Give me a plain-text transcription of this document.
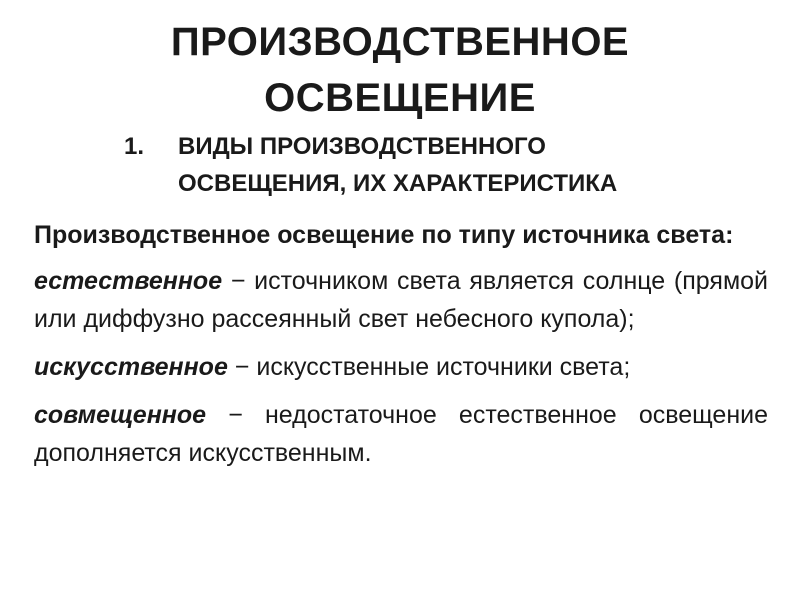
ПРОИЗВОДСТВЕННОЕ
ОСВЕЩЕНИЕ
1. ВИДЫ ПРОИЗВОДСТВЕННОГО
ОСВЕЩЕНИЯ, ИХ ХАРАКТЕРИСТИКА

Производственное освещение по типу источника света:

естественное − источником света является солнце (прямой или диффузно рассеянный свет небесного купола);

искусственное − искусственные источники света;

совмещенное − недостаточное естественное освещение дополняется искусственным.
